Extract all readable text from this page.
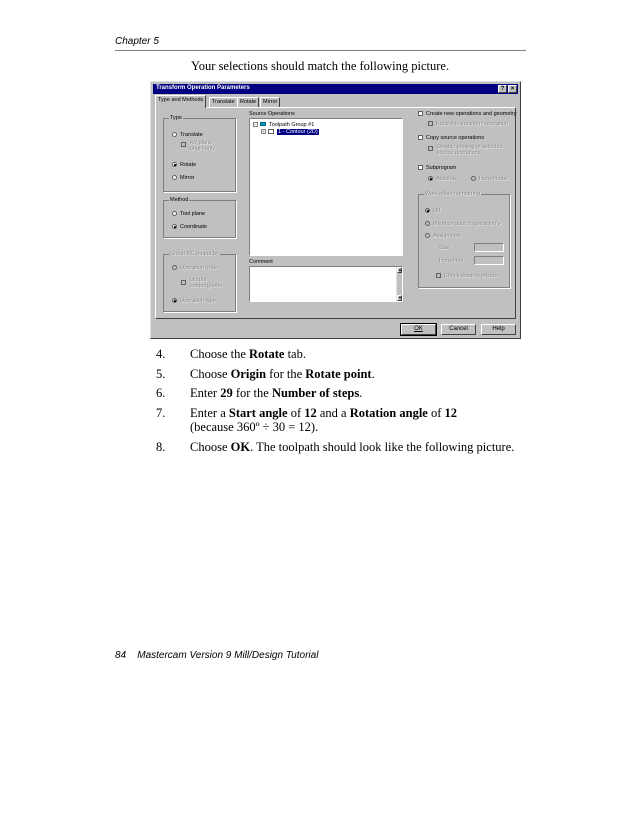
Chapter 5
Your selections should match the following picture.
Transform Operation Parameters	?	×
Type and Methods	Translate Rotate	Mirror
Type
Translate
XY plane
origin only
Rotate
Mirror
Method
Tool plane
Coordinate
Group NC output by
Operation order
Output
subprograms
Operation type
Source Operations
− Toolpath Group #1
+ 1 - Contour (2D)
Comment
▲
▼
Create new operations and geometry
Keep this transform operation
Copy source operations
Disable posting of selected
source operations
Subprogram
Absolute	Incremental
Work offset numbering
Off
Maintain source operation's
Assign new
Start
Increment
Check existing offsets
OK	Cancel	Help
4. Choose the Rotate tab.
5. Choose Origin for the Rotate point.
6. Enter 29 for the Number of steps.
7. Enter a Start angle of 12 and a Rotation angle of 12
(because 360º ÷ 30 = 12).
8. Choose OK. The toolpath should look like the following picture.
84 Mastercam Version 9 Mill/Design Tutorial
